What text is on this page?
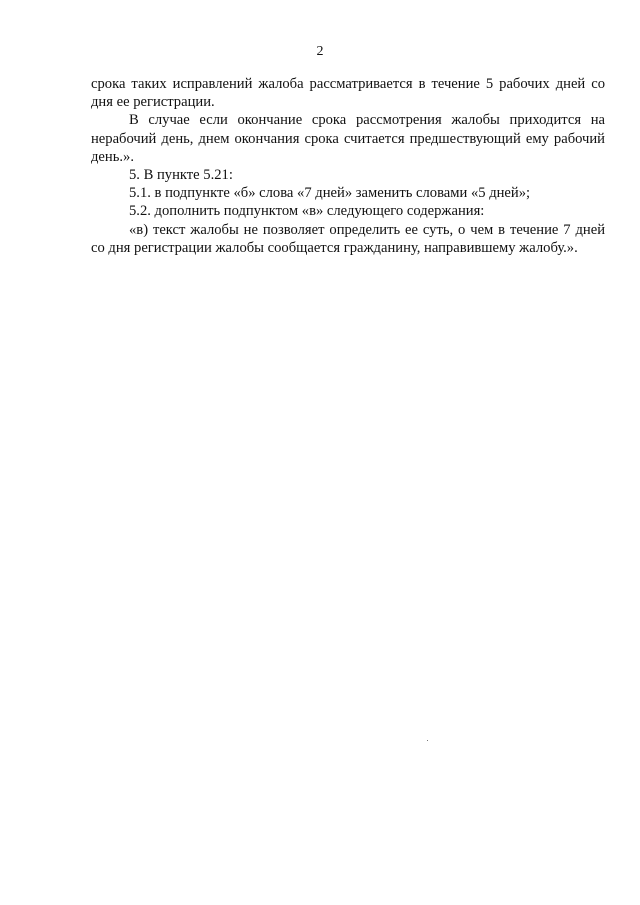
2

срока таких исправлений жалоба рассматривается в течение 5 рабочих дней со дня ее регистрации.

В случае если окончание срока рассмотрения жалобы приходится на нерабочий день, днем окончания срока считается предшествующий ему рабочий день.».

5. В пункте 5.21:

5.1. в подпункте «б» слова «7 дней» заменить словами «5 дней»;

5.2. дополнить подпунктом «в» следующего содержания:

«в) текст жалобы не позволяет определить ее суть, о чем в течение 7 дней со дня регистрации жалобы сообщается гражданину, направившему жалобу.».
